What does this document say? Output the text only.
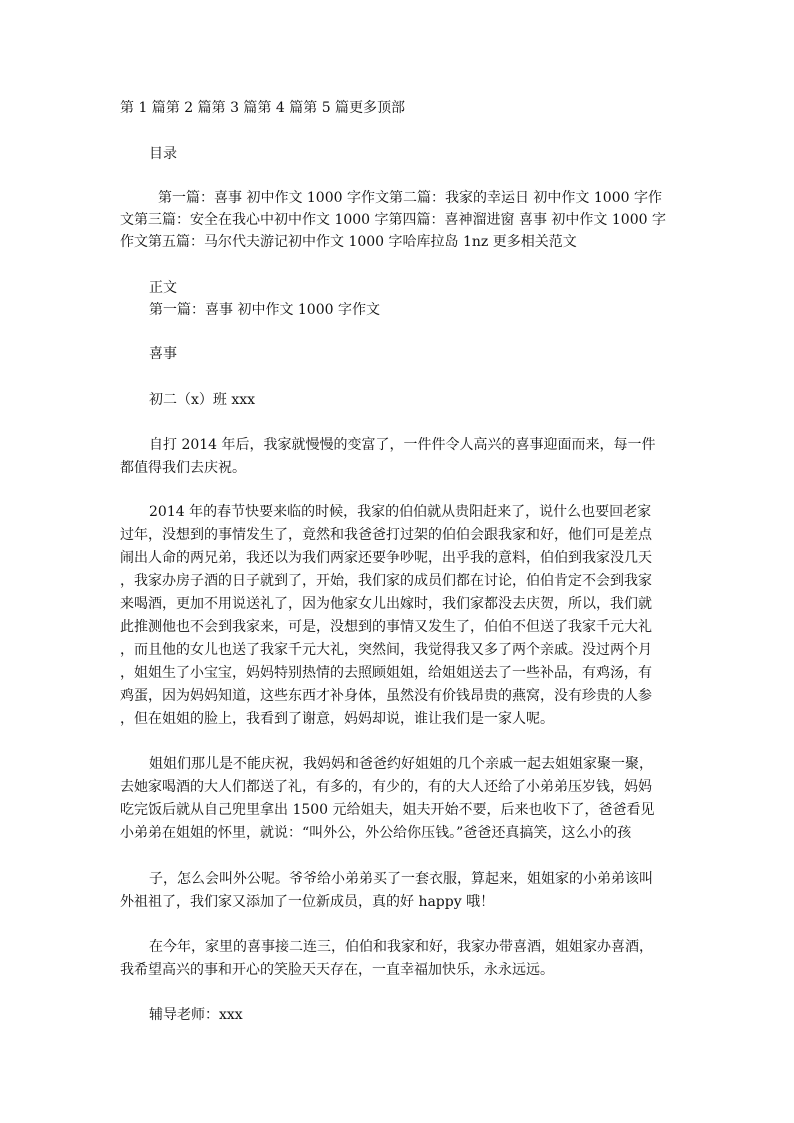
第 1 篇第 2 篇第 3 篇第 4 篇第 5 篇更多顶部
目录
第一篇：喜事 初中作文 1000 字作文第二篇：我家的幸运日 初中作文 1000 字作
文第三篇：安全在我心中初中作文 1000 字第四篇：喜神溜进窗 喜事 初中作文 1000 字
作文第五篇：马尔代夫游记初中作文 1000 字哈库拉岛 1nz 更多相关范文
正文
第一篇：喜事 初中作文 1000 字作文
喜事
初二（x）班 xxx
自打 2014 年后，我家就慢慢的变富了，一件件令人高兴的喜事迎面而来，每一件
都值得我们去庆祝。
2014 年的春节快要来临的时候，我家的伯伯就从贵阳赶来了，说什么也要回老家
过年，没想到的事情发生了，竟然和我爸爸打过架的伯伯会跟我家和好，他们可是差点
闹出人命的两兄弟，我还以为我们两家还要争吵呢，出乎我的意料，伯伯到我家没几天
，我家办房子酒的日子就到了，开始，我们家的成员们都在讨论，伯伯肯定不会到我家
来喝酒，更加不用说送礼了，因为他家女儿出嫁时，我们家都没去庆贺，所以，我们就
此推测他也不会到我家来，可是，没想到的事情又发生了，伯伯不但送了我家千元大礼
，而且他的女儿也送了我家千元大礼，突然间，我觉得我又多了两个亲戚。没过两个月
，姐姐生了小宝宝，妈妈特别热情的去照顾姐姐，给姐姐送去了一些补品，有鸡汤，有
鸡蛋，因为妈妈知道，这些东西才补身体，虽然没有价钱昂贵的燕窝，没有珍贵的人参
，但在姐姐的脸上，我看到了谢意，妈妈却说，谁让我们是一家人呢。
姐姐们那儿是不能庆祝，我妈妈和爸爸约好姐姐的几个亲戚一起去姐姐家聚一聚，
去她家喝酒的大人们都送了礼，有多的，有少的，有的大人还给了小弟弟压岁钱，妈妈
吃完饭后就从自己兜里拿出 1500 元给姐夫，姐夫开始不要，后来也收下了，爸爸看见
小弟弟在姐姐的怀里，就说：“叫外公，外公给你压钱。”爸爸还真搞笑，这么小的孩
子，怎么会叫外公呢。爷爷给小弟弟买了一套衣服，算起来，姐姐家的小弟弟该叫
外祖祖了，我们家又添加了一位新成员，真的好 happy 哦！
在今年，家里的喜事接二连三，伯伯和我家和好，我家办带喜酒，姐姐家办喜酒，
我希望高兴的事和开心的笑脸天天存在，一直幸福加快乐，永永远远。
辅导老师：xxx
